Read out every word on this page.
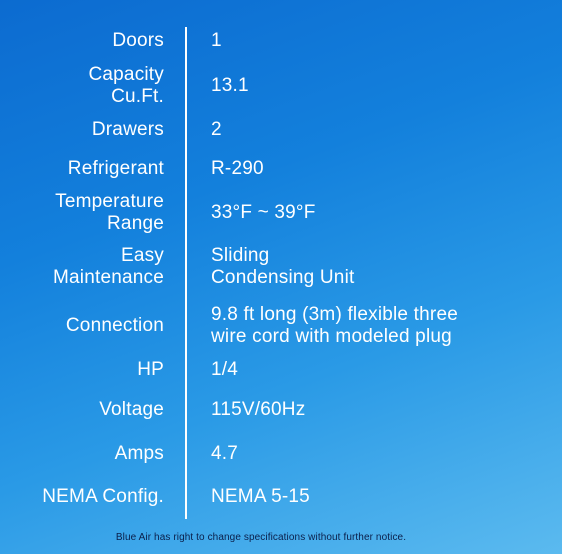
Doors 1
Capacity
Cu.Ft.
13.1
Drawers 2
Refrigerant R-290
Temperature
Range
33°F ~ 39°F
Easy
Maintenance
Sliding
Condensing Unit
Connection
9.8 ft long (3m) flexible three
wire cord with modeled plug
HP 1/4
Voltage 115V/60Hz
Amps 4.7
NEMA Config. NEMA 5-15
Blue Air has right to change specifications without further notice.
